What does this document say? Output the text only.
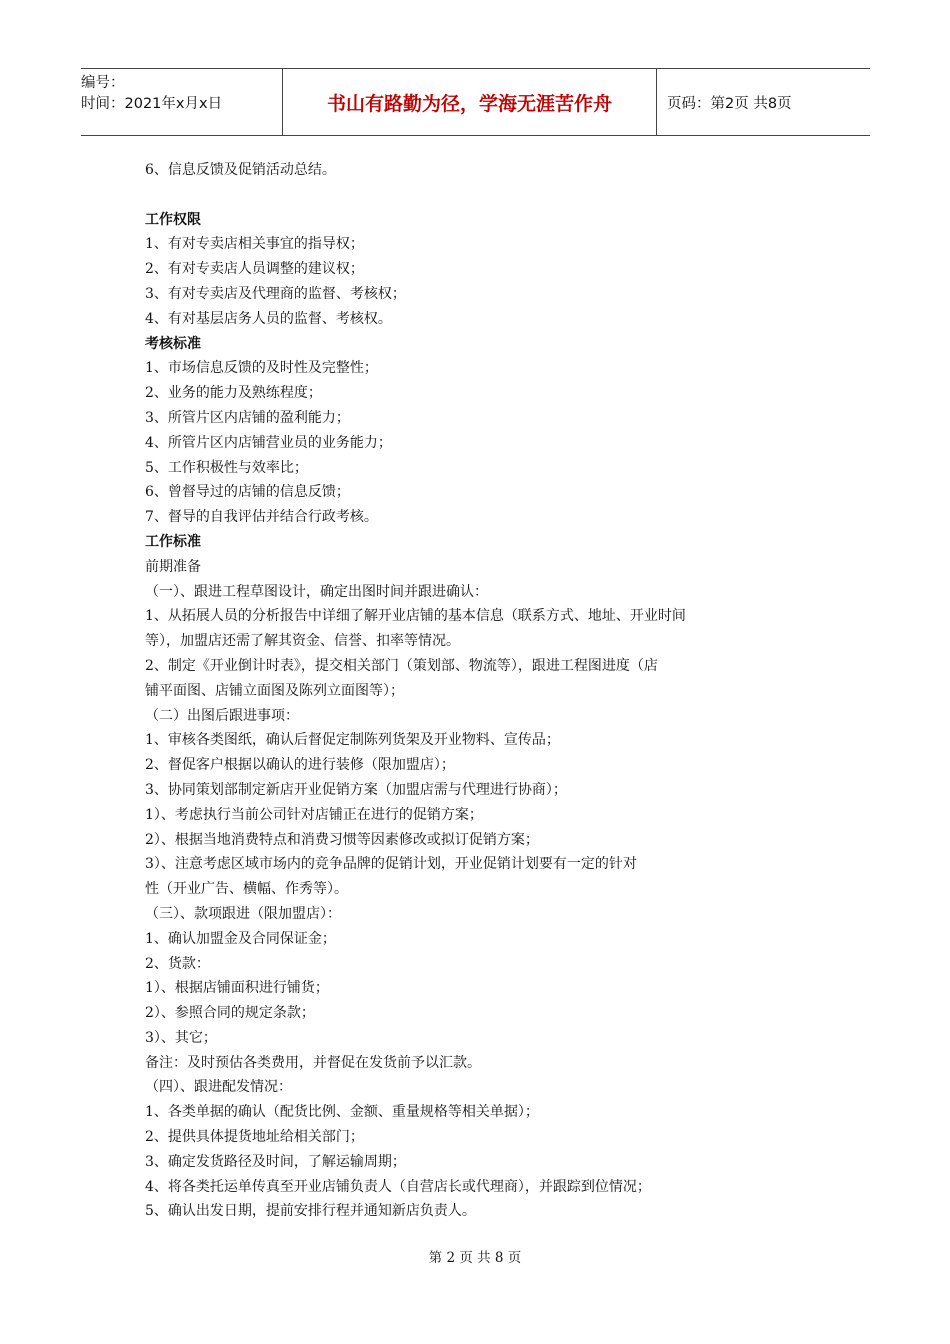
编号：
时间：2021年x月x日	书山有路勤为径，学海无涯苦作舟	页码：第2页 共8页

6、信息反馈及促销活动总结。

工作权限

1、有对专卖店相关事宜的指导权；

2、有对专卖店人员调整的建议权；

3、有对专卖店及代理商的监督、考核权；

4、有对基层店务人员的监督、考核权。

考核标准

1、市场信息反馈的及时性及完整性；

2、业务的能力及熟练程度；

3、所管片区内店铺的盈利能力；

4、所管片区内店铺营业员的业务能力；

5、工作积极性与效率比；

6、曾督导过的店铺的信息反馈；

7、督导的自我评估并结合行政考核。

工作标准

前期准备

（一）、跟进工程草图设计，确定出图时间并跟进确认：

1、从拓展人员的分析报告中详细了解开业店铺的基本信息（联系方式、地址、开业时间

等），加盟店还需了解其资金、信誉、扣率等情况。

2、制定《开业倒计时表》，提交相关部门（策划部、物流等），跟进工程图进度（店

铺平面图、店铺立面图及陈列立面图等）；

（二）出图后跟进事项：

1、审核各类图纸，确认后督促定制陈列货架及开业物料、宣传品；

2、督促客户根据以确认的进行装修（限加盟店）；

3、协同策划部制定新店开业促销方案（加盟店需与代理进行协商）；

1）、考虑执行当前公司针对店铺正在进行的促销方案；

2）、根据当地消费特点和消费习惯等因素修改或拟订促销方案；

3）、注意考虑区域市场内的竞争品牌的促销计划，开业促销计划要有一定的针对

性（开业广告、横幅、作秀等）。

（三）、款项跟进（限加盟店）：

1、确认加盟金及合同保证金；

2、货款：

1）、根据店铺面积进行铺货；

2）、参照合同的规定条款；

3）、其它；

备注：及时预估各类费用，并督促在发货前予以汇款。

（四）、跟进配发情况：

1、各类单据的确认（配货比例、金额、重量规格等相关单据）；

2、提供具体提货地址给相关部门；

3、确定发货路径及时间，了解运输周期；

4、将各类托运单传真至开业店铺负责人（自营店长或代理商），并跟踪到位情况；

5、确认出发日期，提前安排行程并通知新店负责人。

第 2 页 共 8 页
